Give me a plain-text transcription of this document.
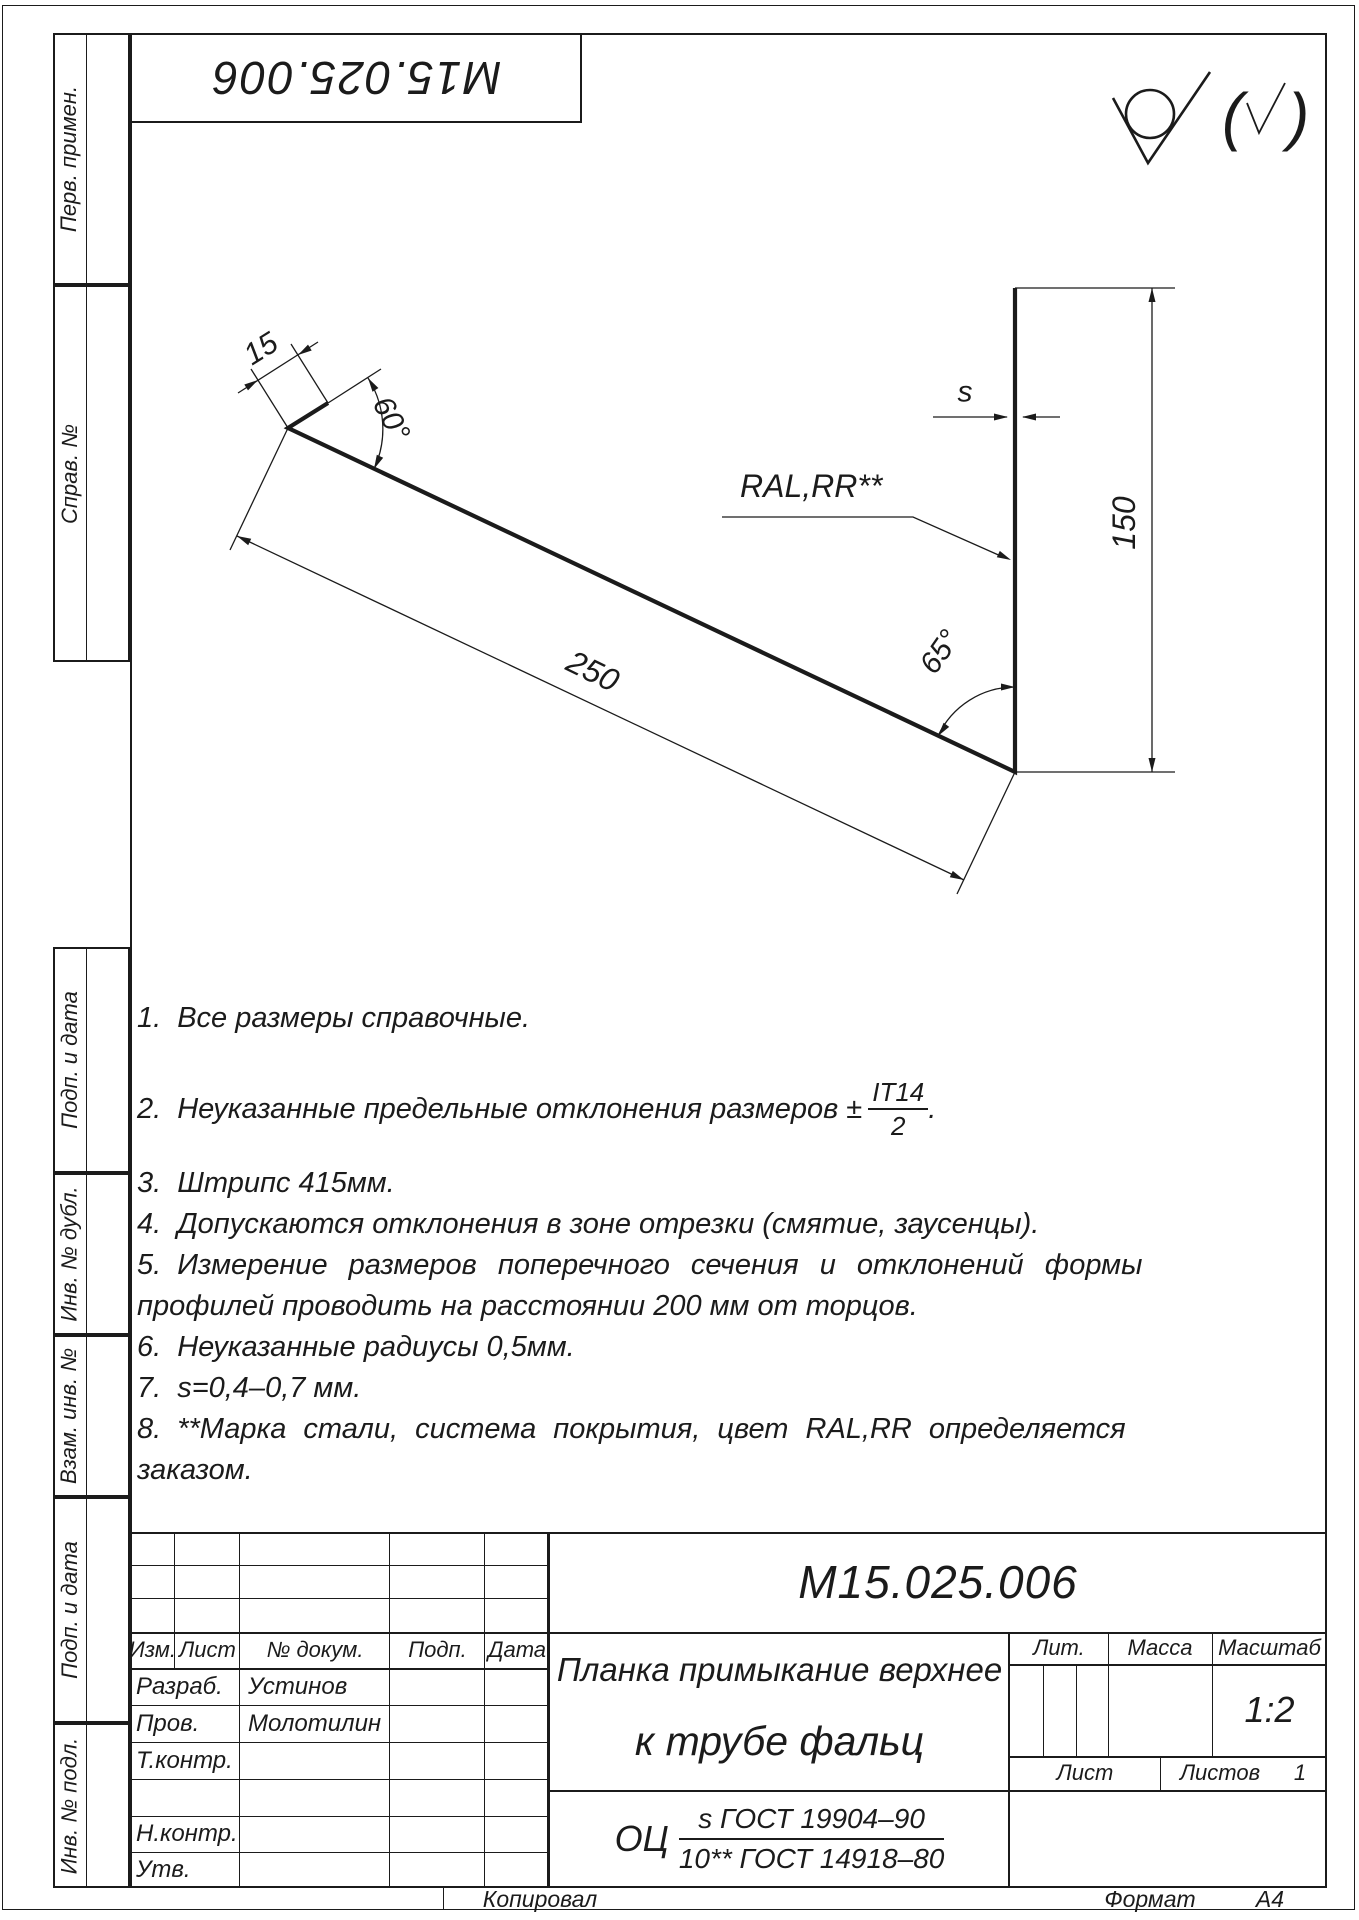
Перв. примен.
Справ. №
Подп. и дата
Инв. № дубл.
Взам. инв. №
Подп. и дата
Инв. № подл.
М15.025.006
15
60°
250	65°
s
150
RAL,RR**
( )
1. Все размеры справочные.
2. Неуказанные предельные отклонения размеров ± $\frac{IT14}{2}$ .
3. Штрипс 415мм.
4. Допускаются отклонения в зоне отрезки (смятие, заусенцы).
5. Измерение размеров поперечного сечения и отклонений формы
профилей проводить на расстоянии 200 мм от торцов.
6. Неуказанные радиусы 0,5мм.
7. s=0,4–0,7 мм.
8. **Марка стали, система покрытия, цвет RAL,RR определяется
заказом.
М15.025.006
Изм. Лист	№ докум.	Подп. Дата
Разраб.	Устинов
Пров.	Молотилин
Т.контр.
Н.контр.
Утв.
Планка примыкание верхнее
к трубе фальц
ОЦ $\frac{\text{s ГОСТ 19904–90}}{\text{10** ГОСТ 14918–80}}$
Лит.	Масса	Масштаб
1:2
Лист	Листов	1
Копировал	Формат	А4
